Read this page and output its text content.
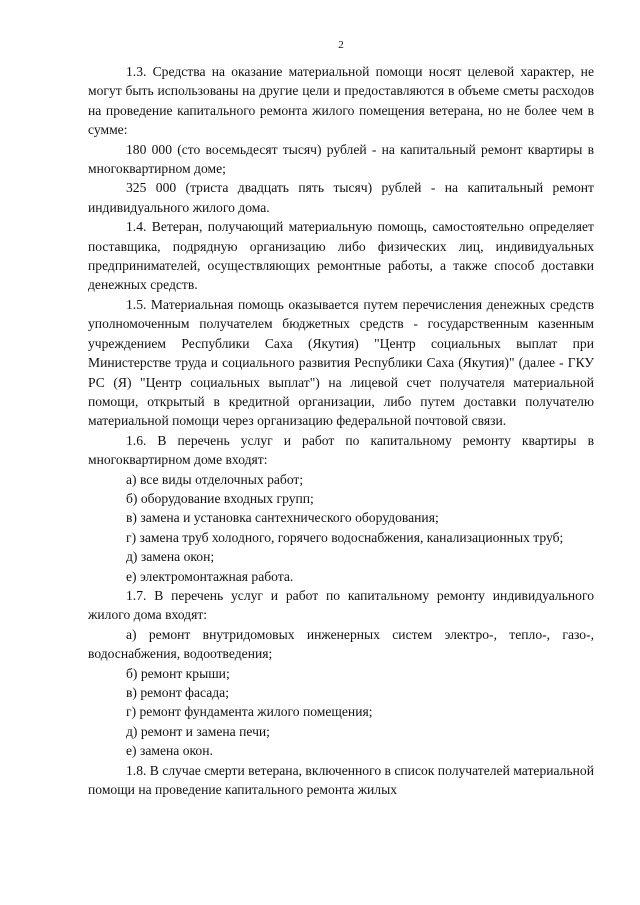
2

1.3. Средства на оказание материальной помощи носят целевой характер, не могут быть использованы на другие цели и предоставляются в объеме сметы расходов на проведение капитального ремонта жилого помещения ветерана, но не более чем в сумме:

180 000 (сто восемьдесят тысяч) рублей - на капитальный ремонт квартиры в многоквартирном доме;

325 000 (триста двадцать пять тысяч) рублей - на капитальный ремонт индивидуального жилого дома.

1.4. Ветеран, получающий материальную помощь, самостоятельно определяет поставщика, подрядную организацию либо физических лиц, индивидуальных предпринимателей, осуществляющих ремонтные работы, а также способ доставки денежных средств.

1.5. Материальная помощь оказывается путем перечисления денежных средств уполномоченным получателем бюджетных средств - государственным казенным учреждением Республики Саха (Якутия) "Центр социальных выплат при Министерстве труда и социального развития Республики Саха (Якутия)" (далее - ГКУ РС (Я) "Центр социальных выплат") на лицевой счет получателя материальной помощи, открытый в кредитной организации, либо путем доставки получателю материальной помощи через организацию федеральной почтовой связи.

1.6. В перечень услуг и работ по капитальному ремонту квартиры в многоквартирном доме входят:

а) все виды отделочных работ;

б) оборудование входных групп;

в) замена и установка сантехнического оборудования;

г) замена труб холодного, горячего водоснабжения, канализационных труб;

д) замена окон;

е) электромонтажная работа.

1.7. В перечень услуг и работ по капитальному ремонту индивидуального жилого дома входят:

а) ремонт внутридомовых инженерных систем электро-, тепло-, газо-, водоснабжения, водоотведения;

б) ремонт крыши;

в) ремонт фасада;

г) ремонт фундамента жилого помещения;

д) ремонт и замена печи;

е) замена окон.

1.8. В случае смерти ветерана, включенного в список получателей материальной помощи на проведение капитального ремонта жилых
